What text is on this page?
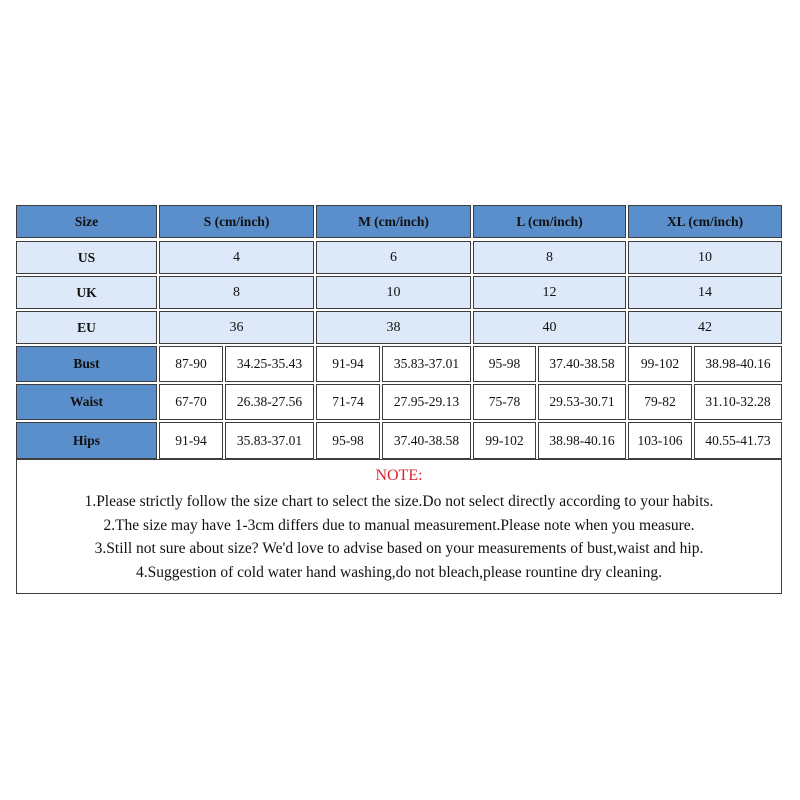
Size	S (cm/inch)	M (cm/inch)	L (cm/inch)	XL (cm/inch)
US	4	6	8	10
UK	8	10	12	14
EU	36	38	40	42
Bust	87-90	34.25-35.43	91-94	35.83-37.01	95-98	37.40-38.58	99-102	38.98-40.16
Waist	67-70	26.38-27.56	71-74	27.95-29.13	75-78	29.53-30.71	79-82	31.10-32.28
Hips	91-94	35.83-37.01	95-98	37.40-38.58	99-102	38.98-40.16	103-106	40.55-41.73
NOTE:
1.Please strictly follow the size chart to select the size.Do not select directly according to your habits.
2.The size may have 1-3cm differs due to manual measurement.Please note when you measure.
3.Still not sure about size? We'd love to advise based on your measurements of bust,waist and hip.
4.Suggestion of cold water hand washing,do not bleach,please rountine dry cleaning.
